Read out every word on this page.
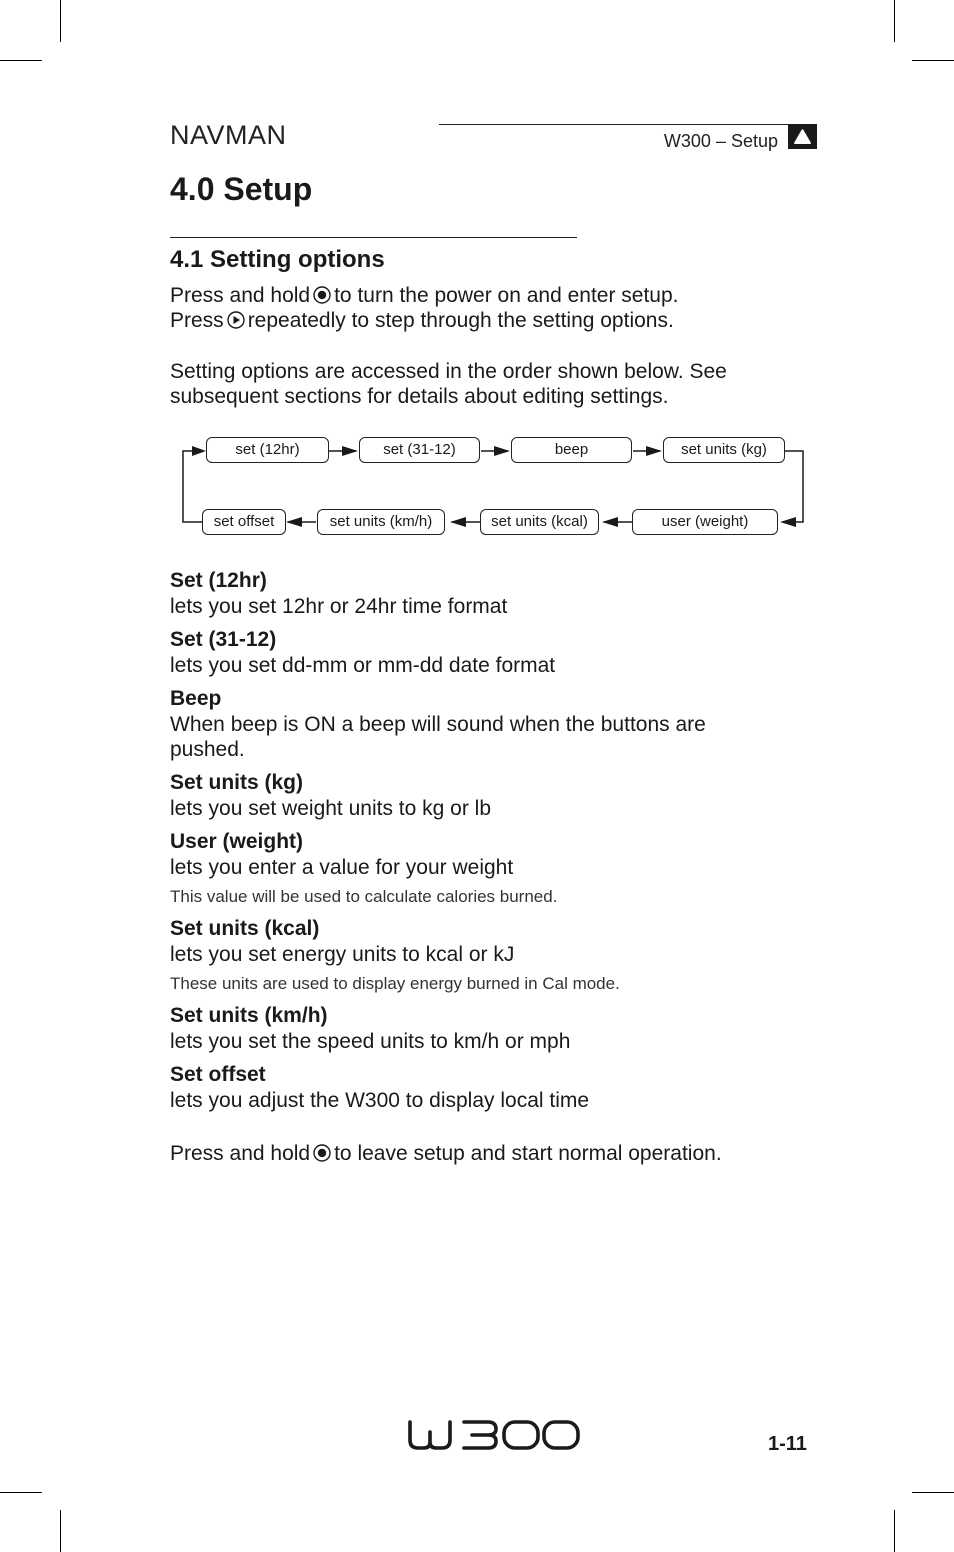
NAVMAN	W300 – Setup
4.0 Setup
4.1 Setting options
Press and hold to turn the power on and enter setup.
Press repeatedly to step through the setting options.
Setting options are accessed in the order shown below. See subsequent sections for details about editing settings.
set (12hr)	set (31-12)	beep	set units (kg)
set offset	set units (km/h)	set units (kcal)	user (weight)
Set (12hr)
lets you set 12hr or 24hr time format
Set (31-12)
lets you set dd-mm or mm-dd date format
Beep
When beep is ON a beep will sound when the buttons are pushed.
Set units (kg)
lets you set weight units to kg or lb
User (weight)
lets you enter a value for your weight
This value will be used to calculate calories burned.
Set units (kcal)
lets you set energy units to kcal or kJ
These units are used to display energy burned in Cal mode.
Set units (km/h)
lets you set the speed units to km/h or mph
Set offset
lets you adjust the W300 to display local time
Press and hold to leave setup and start normal operation.
1-11
